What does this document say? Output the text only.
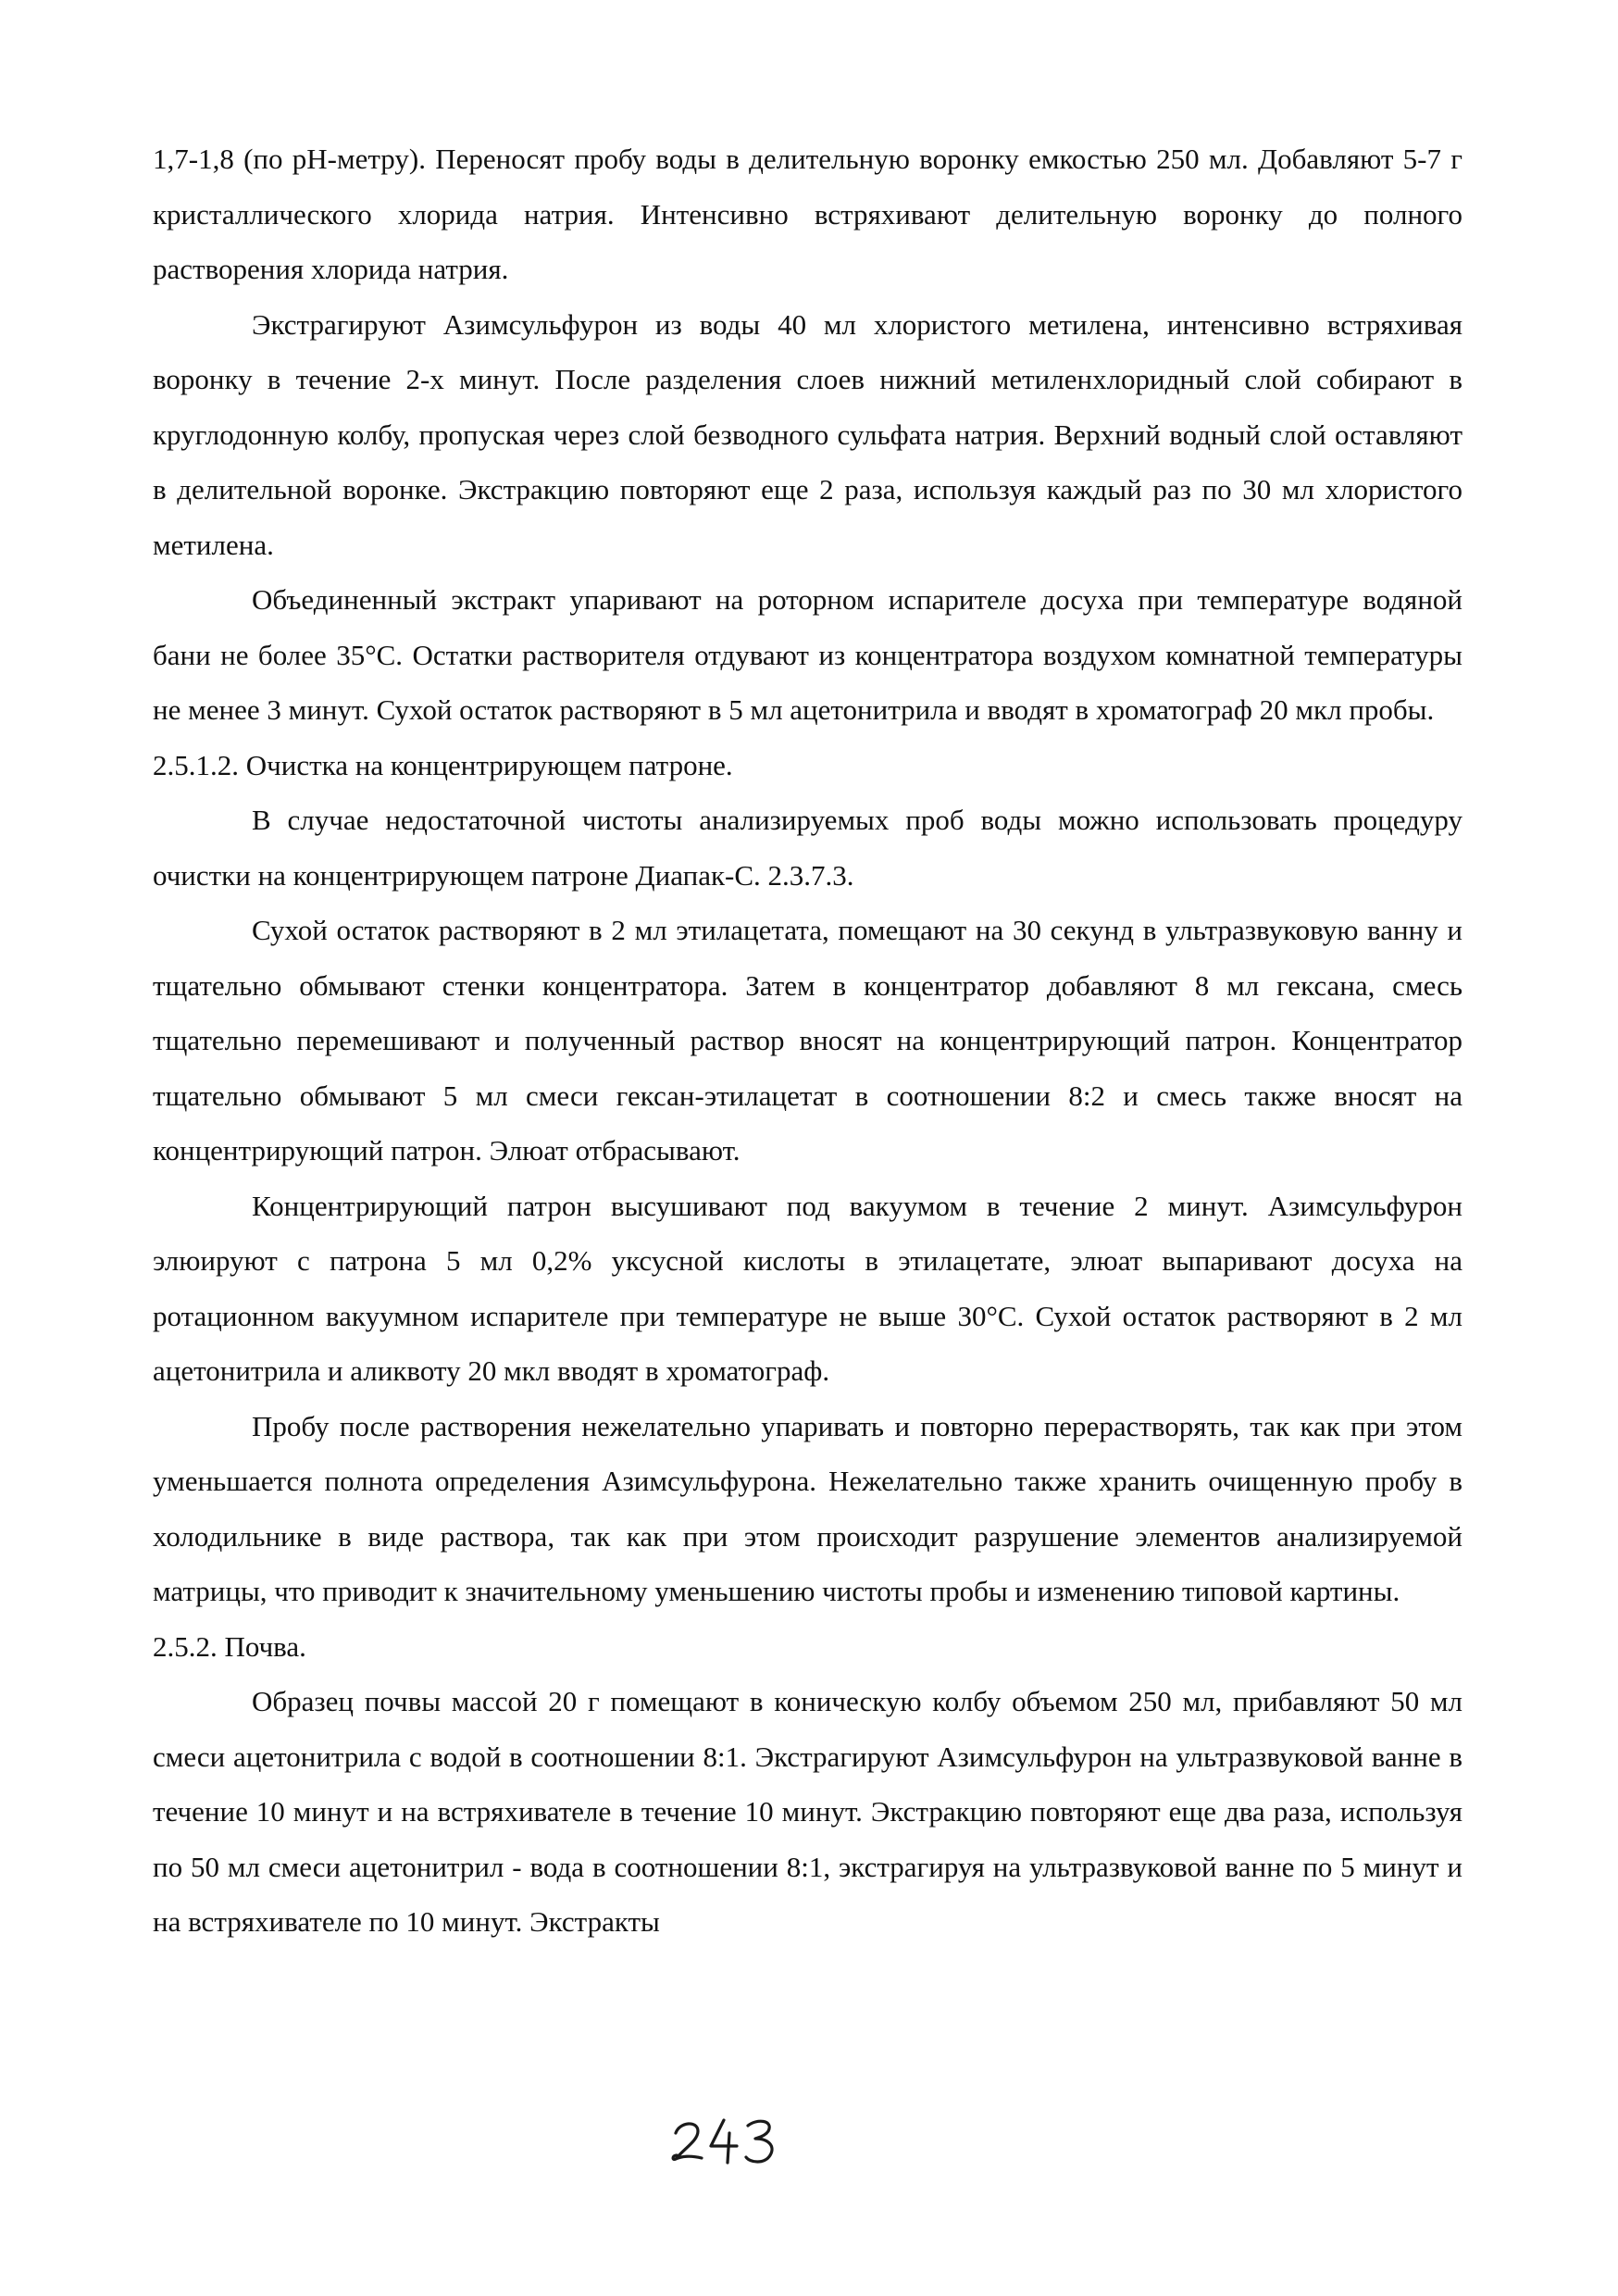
1,7-1,8 (по рН-метру). Переносят пробу воды в делительную воронку емкостью 250 мл. Добавляют 5-7 г кристаллического хлорида натрия. Интенсивно встряхивают делительную воронку до полного растворения хлорида натрия.

Экстрагируют Азимсульфурон из воды 40 мл хлористого метилена, интенсивно встряхивая воронку в течение 2-х минут. После разделения слоев нижний метиленхлоридный слой собирают в круглодонную колбу, пропуская через слой безводного сульфата натрия. Верхний водный слой оставляют в делительной воронке. Экстракцию повторяют еще 2 раза, используя каждый раз по 30 мл хлористого метилена.

Объединенный экстракт упаривают на роторном испарителе досуха при температуре водяной бани не более 35°С. Остатки растворителя отдувают из концентратора воздухом комнатной температуры не менее 3 минут. Сухой остаток растворяют в 5 мл ацетонитрила и вводят в хроматограф 20 мкл пробы.

2.5.1.2. Очистка на концентрирующем патроне.

В случае недостаточной чистоты анализируемых проб воды можно использовать процедуру очистки на концентрирующем патроне Диапак-С. 2.3.7.3.

Сухой остаток растворяют в 2 мл этилацетата, помещают на 30 секунд в ультразвуковую ванну и тщательно обмывают стенки концентратора. Затем в концентратор добавляют 8 мл гексана, смесь тщательно перемешивают и полученный раствор вносят на концентрирующий патрон. Концентратор тщательно обмывают 5 мл смеси гексан-этилацетат в соотношении 8:2 и смесь также вносят на концентрирующий патрон. Элюат отбрасывают.

Концентрирующий патрон высушивают под вакуумом в течение 2 минут. Азимсульфурон элюируют с патрона 5 мл 0,2% уксусной кислоты в этилацетате, элюат выпаривают досуха на ротационном вакуумном испарителе при температуре не выше 30°С. Сухой остаток растворяют в 2 мл ацетонитрила и аликвоту 20 мкл вводят в хроматограф.

Пробу после растворения нежелательно упаривать и повторно перерастворять, так как при этом уменьшается полнота определения Азимсульфурона. Нежелательно также хранить очищенную пробу в холодильнике в виде раствора, так как при этом происходит разрушение элементов анализируемой матрицы, что приводит к значительному уменьшению чистоты пробы и изменению типовой картины.

2.5.2. Почва.

Образец почвы массой 20 г помещают в коническую колбу объемом 250 мл, прибавляют 50 мл смеси ацетонитрила с водой в соотношении 8:1. Экстрагируют Азимсульфурон на ультразвуковой ванне в течение 10 минут и на встряхивателе в течение 10 минут. Экстракцию повторяют еще два раза, используя по 50 мл смеси ацетонитрил - вода в соотношении 8:1, экстрагируя на ультразвуковой ванне по 5 минут и на встряхивателе по 10 минут. Экстракты
